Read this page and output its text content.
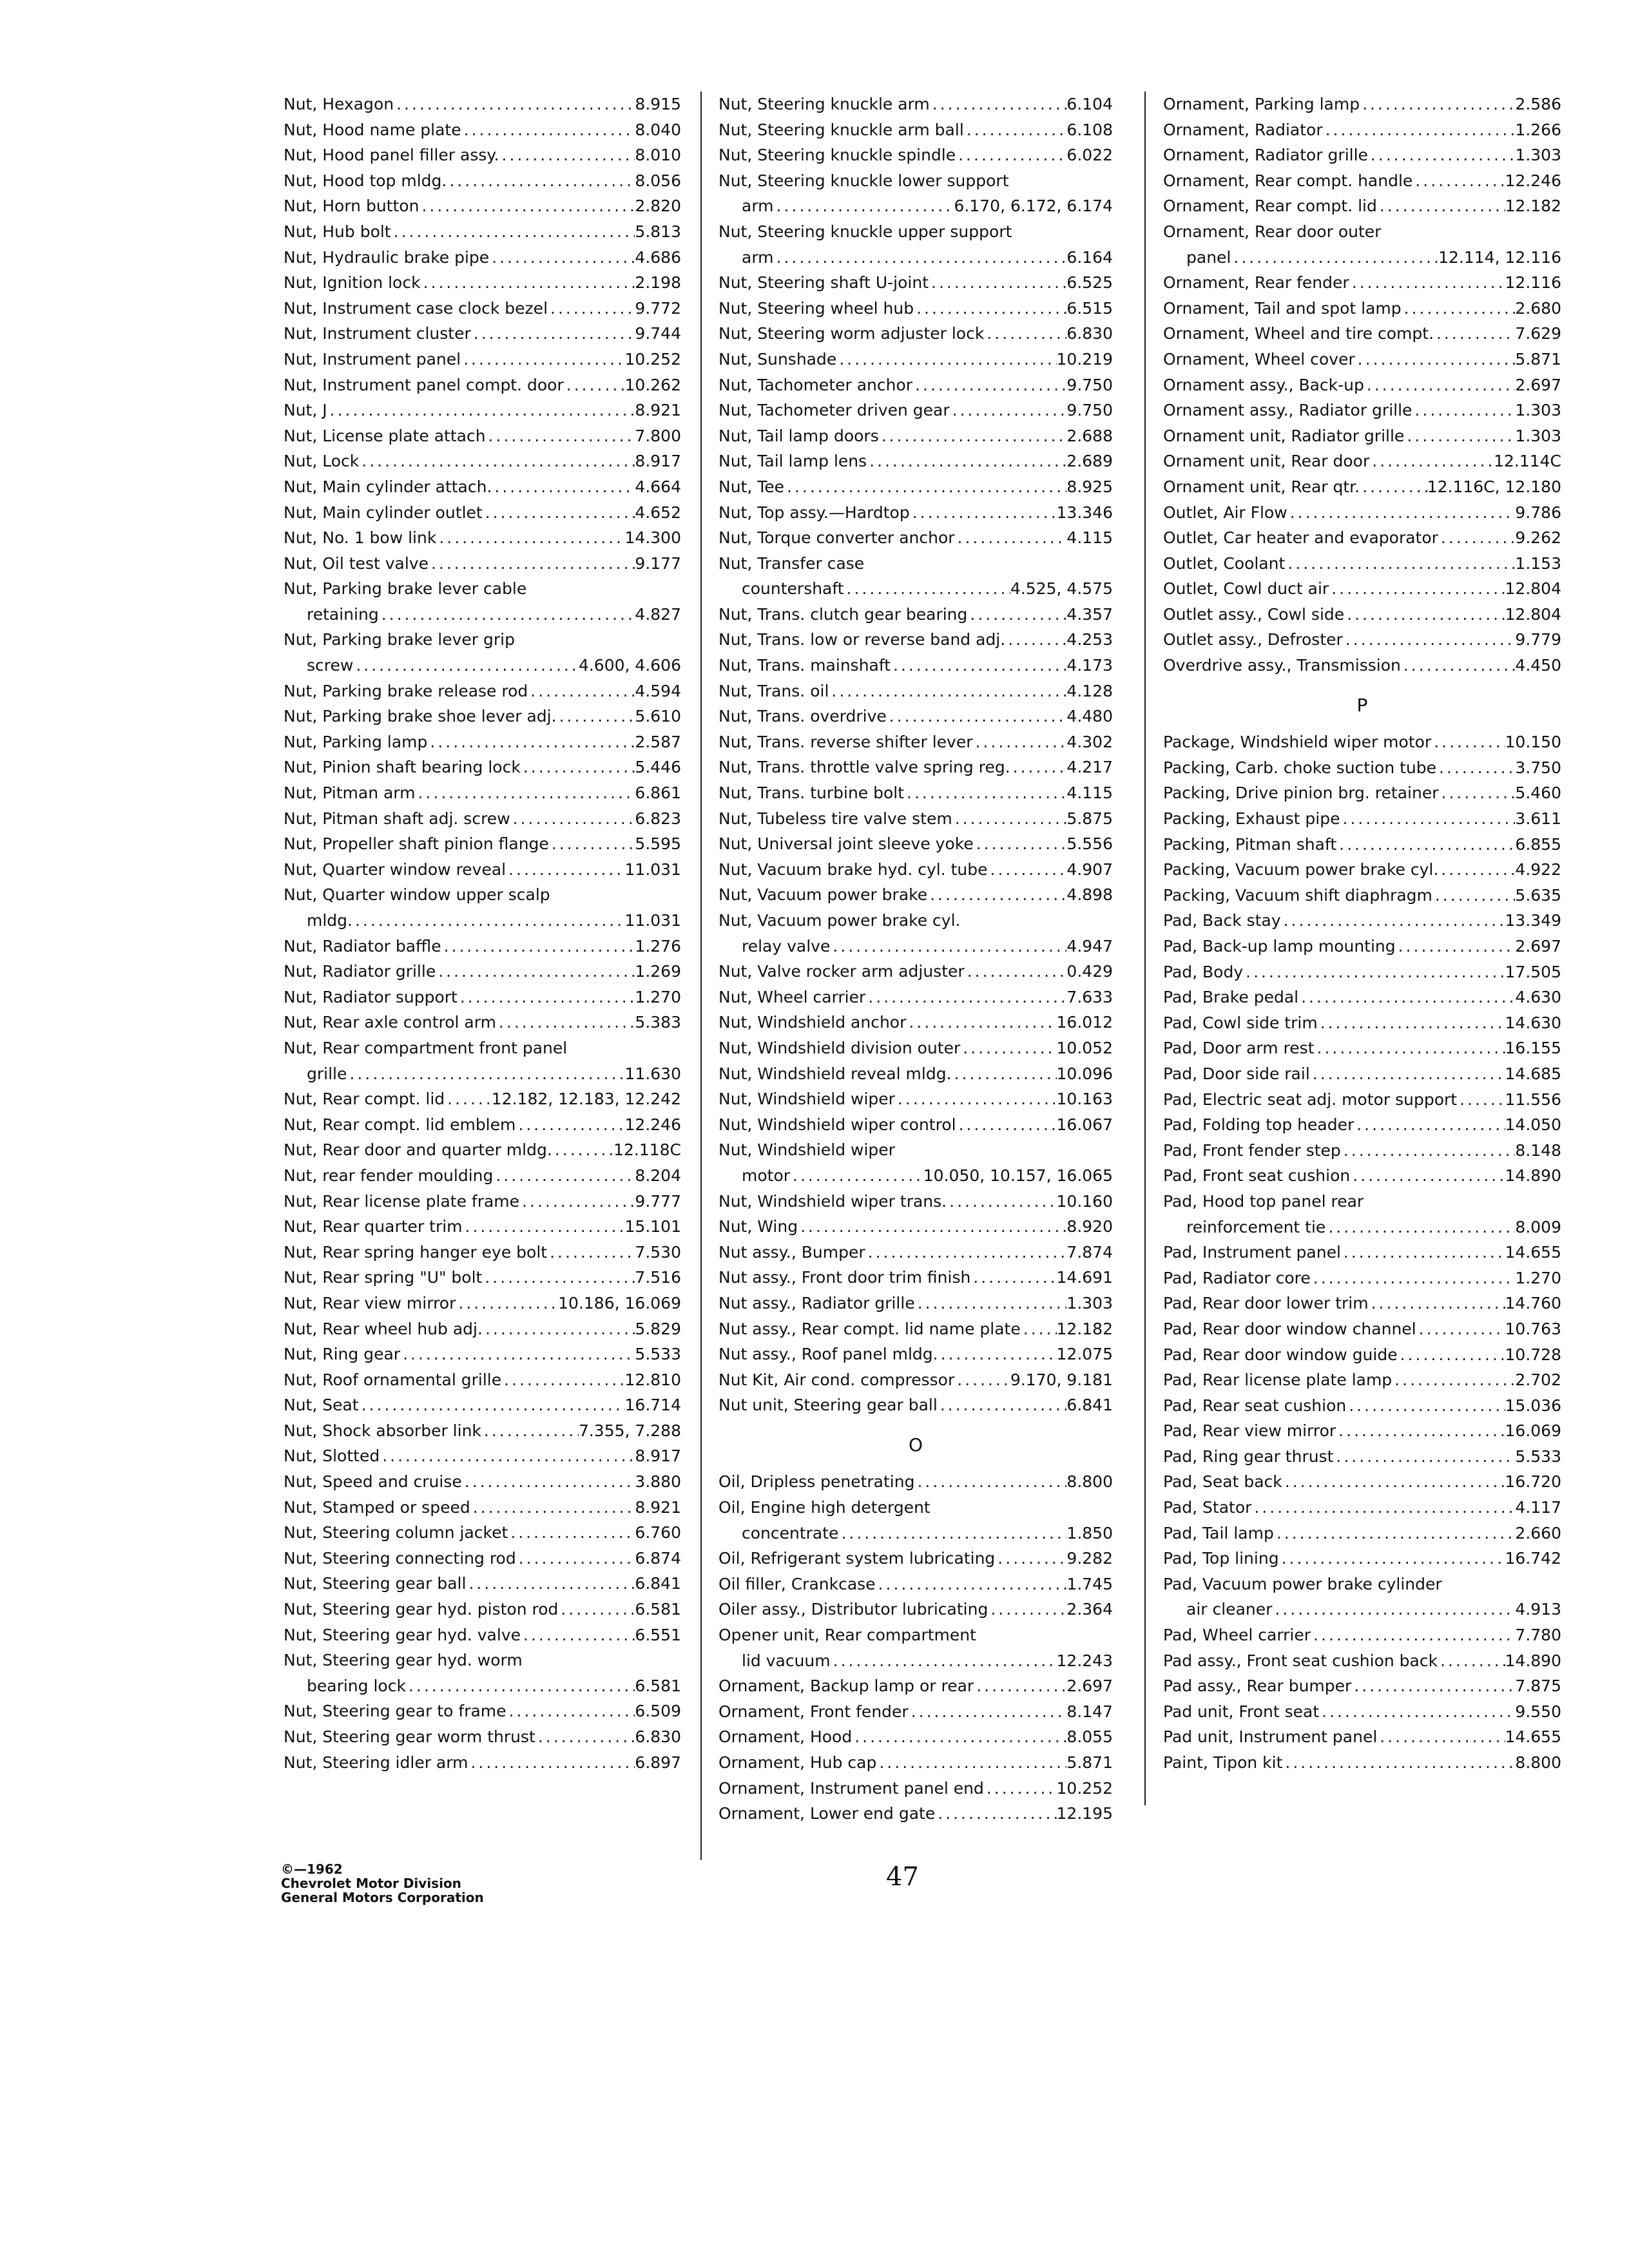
Nut, Hexagon .....	8.915
Nut, Hood name plate .....	8.040
Nut, Hood panel filler assy. .....	8.010
Nut, Hood top mldg. .....	8.056
Nut, Horn button .....	2.820
Nut, Hub bolt .....	5.813
Nut, Hydraulic brake pipe .....	4.686
Nut, Ignition lock .....	2.198
Nut, Instrument case clock bezel .....	9.772
Nut, Instrument cluster .....	9.744
Nut, Instrument panel .....	10.252
Nut, Instrument panel compt. door .....	10.262
Nut, J .....	8.921
Nut, License plate attach .....	7.800
Nut, Lock .....	8.917
Nut, Main cylinder attach. .....	4.664
Nut, Main cylinder outlet .....	4.652
Nut, No. 1 bow link .....	14.300
Nut, Oil test valve .....	9.177
Nut, Parking brake lever cable
retaining .....	4.827
Nut, Parking brake lever grip
screw .....	4.600, 4.606
Nut, Parking brake release rod .....	4.594
Nut, Parking brake shoe lever adj. .....	5.610
Nut, Parking lamp .....	2.587
Nut, Pinion shaft bearing lock .....	5.446
Nut, Pitman arm .....	6.861
Nut, Pitman shaft adj. screw .....	6.823
Nut, Propeller shaft pinion flange .....	5.595
Nut, Quarter window reveal .....	11.031
Nut, Quarter window upper scalp
mldg. .....	11.031
Nut, Radiator baffle .....	1.276
Nut, Radiator grille .....	1.269
Nut, Radiator support .....	1.270
Nut, Rear axle control arm .....	5.383
Nut, Rear compartment front panel
grille .....	11.630
Nut, Rear compt. lid .....	12.182, 12.183, 12.242
Nut, Rear compt. lid emblem .....	12.246
Nut, Rear door and quarter mldg. .....	12.118C
Nut, rear fender moulding .....	8.204
Nut, Rear license plate frame .....	9.777
Nut, Rear quarter trim .....	15.101
Nut, Rear spring hanger eye bolt .....	7.530
Nut, Rear spring "U" bolt .....	7.516
Nut, Rear view mirror .....	10.186, 16.069
Nut, Rear wheel hub adj. .....	5.829
Nut, Ring gear .....	5.533
Nut, Roof ornamental grille .....	12.810
Nut, Seat .....	16.714
Nut, Shock absorber link .....	7.355, 7.288
Nut, Slotted .....	8.917
Nut, Speed and cruise .....	3.880
Nut, Stamped or speed .....	8.921
Nut, Steering column jacket .....	6.760
Nut, Steering connecting rod .....	6.874
Nut, Steering gear ball .....	6.841
Nut, Steering gear hyd. piston rod .....	6.581
Nut, Steering gear hyd. valve .....	6.551
Nut, Steering gear hyd. worm
bearing lock .....	6.581
Nut, Steering gear to frame .....	6.509
Nut, Steering gear worm thrust .....	6.830
Nut, Steering idler arm .....	6.897
Nut, Steering knuckle arm .....	6.104
Nut, Steering knuckle arm ball .....	6.108
Nut, Steering knuckle spindle .....	6.022
Nut, Steering knuckle lower support
arm .....	6.170, 6.172, 6.174
Nut, Steering knuckle upper support
arm .....	6.164
Nut, Steering shaft U-joint .....	6.525
Nut, Steering wheel hub .....	6.515
Nut, Steering worm adjuster lock .....	6.830
Nut, Sunshade .....	10.219
Nut, Tachometer anchor .....	9.750
Nut, Tachometer driven gear .....	9.750
Nut, Tail lamp doors .....	2.688
Nut, Tail lamp lens .....	2.689
Nut, Tee .....	8.925
Nut, Top assy.—Hardtop .....	13.346
Nut, Torque converter anchor .....	4.115
Nut, Transfer case
countershaft .....	4.525, 4.575
Nut, Trans. clutch gear bearing .....	4.357
Nut, Trans. low or reverse band adj. .....	4.253
Nut, Trans. mainshaft .....	4.173
Nut, Trans. oil .....	4.128
Nut, Trans. overdrive .....	4.480
Nut, Trans. reverse shifter lever .....	4.302
Nut, Trans. throttle valve spring reg. .....	4.217
Nut, Trans. turbine bolt .....	4.115
Nut, Tubeless tire valve stem .....	5.875
Nut, Universal joint sleeve yoke .....	5.556
Nut, Vacuum brake hyd. cyl. tube .....	4.907
Nut, Vacuum power brake .....	4.898
Nut, Vacuum power brake cyl.
relay valve .....	4.947
Nut, Valve rocker arm adjuster .....	0.429
Nut, Wheel carrier .....	7.633
Nut, Windshield anchor .....	16.012
Nut, Windshield division outer .....	10.052
Nut, Windshield reveal mldg. .....	10.096
Nut, Windshield wiper .....	10.163
Nut, Windshield wiper control .....	16.067
Nut, Windshield wiper
motor .....	10.050, 10.157, 16.065
Nut, Windshield wiper trans. .....	10.160
Nut, Wing .....	8.920
Nut assy., Bumper .....	7.874
Nut assy., Front door trim finish .....	14.691
Nut assy., Radiator grille .....	1.303
Nut assy., Rear compt. lid name plate ..... 12.182
Nut assy., Roof panel mldg. .....	12.075
Nut Kit, Air cond. compressor .....	9.170, 9.181
Nut unit, Steering gear ball .....	6.841
O
Oil, Dripless penetrating .....	8.800
Oil, Engine high detergent
concentrate .....	1.850
Oil, Refrigerant system lubricating .....	9.282
Oil filler, Crankcase .....	1.745
Oiler assy., Distributor lubricating .....	2.364
Opener unit, Rear compartment
lid vacuum .....	12.243
Ornament, Backup lamp or rear .....	2.697
Ornament, Front fender .....	8.147
Ornament, Hood .....	8.055
Ornament, Hub cap .....	5.871
Ornament, Instrument panel end .....	10.252
Ornament, Lower end gate .....	12.195
Ornament, Parking lamp .....	2.586
Ornament, Radiator .....	1.266
Ornament, Radiator grille .....	1.303
Ornament, Rear compt. handle .....	12.246
Ornament, Rear compt. lid .....	12.182
Ornament, Rear door outer
panel .....	12.114, 12.116
Ornament, Rear fender .....	12.116
Ornament, Tail and spot lamp .....	2.680
Ornament, Wheel and tire compt. .....	7.629
Ornament, Wheel cover .....	5.871
Ornament assy., Back-up .....	2.697
Ornament assy., Radiator grille .....	1.303
Ornament unit, Radiator grille .....	1.303
Ornament unit, Rear door .....	12.114C
Ornament unit, Rear qtr. .....	12.116C, 12.180
Outlet, Air Flow .....	9.786
Outlet, Car heater and evaporator .....	9.262
Outlet, Coolant .....	1.153
Outlet, Cowl duct air .....	12.804
Outlet assy., Cowl side .....	12.804
Outlet assy., Defroster .....	9.779
Overdrive assy., Transmission .....	4.450
P
Package, Windshield wiper motor .....	10.150
Packing, Carb. choke suction tube .....	3.750
Packing, Drive pinion brg. retainer .....	5.460
Packing, Exhaust pipe .....	3.611
Packing, Pitman shaft .....	6.855
Packing, Vacuum power brake cyl. .....	4.922
Packing, Vacuum shift diaphragm .....	5.635
Pad, Back stay .....	13.349
Pad, Back-up lamp mounting .....	2.697
Pad, Body .....	17.505
Pad, Brake pedal .....	4.630
Pad, Cowl side trim .....	14.630
Pad, Door arm rest .....	16.155
Pad, Door side rail .....	14.685
Pad, Electric seat adj. motor support .....	11.556
Pad, Folding top header .....	14.050
Pad, Front fender step .....	8.148
Pad, Front seat cushion .....	14.890
Pad, Hood top panel rear
reinforcement tie .....	8.009
Pad, Instrument panel .....	14.655
Pad, Radiator core .....	1.270
Pad, Rear door lower trim .....	14.760
Pad, Rear door window channel .....	10.763
Pad, Rear door window guide .....	10.728
Pad, Rear license plate lamp .....	2.702
Pad, Rear seat cushion .....	15.036
Pad, Rear view mirror .....	16.069
Pad, Ring gear thrust .....	5.533
Pad, Seat back .....	16.720
Pad, Stator .....	4.117
Pad, Tail lamp .....	2.660
Pad, Top lining .....	16.742
Pad, Vacuum power brake cylinder
air cleaner .....	4.913
Pad, Wheel carrier .....	7.780
Pad assy., Front seat cushion back .....	14.890
Pad assy., Rear bumper .....	7.875
Pad unit, Front seat .....	9.550
Pad unit, Instrument panel .....	14.655
Paint, Tipon kit .....	8.800
©—1962
Chevrolet Motor Division
General Motors Corporation
47
